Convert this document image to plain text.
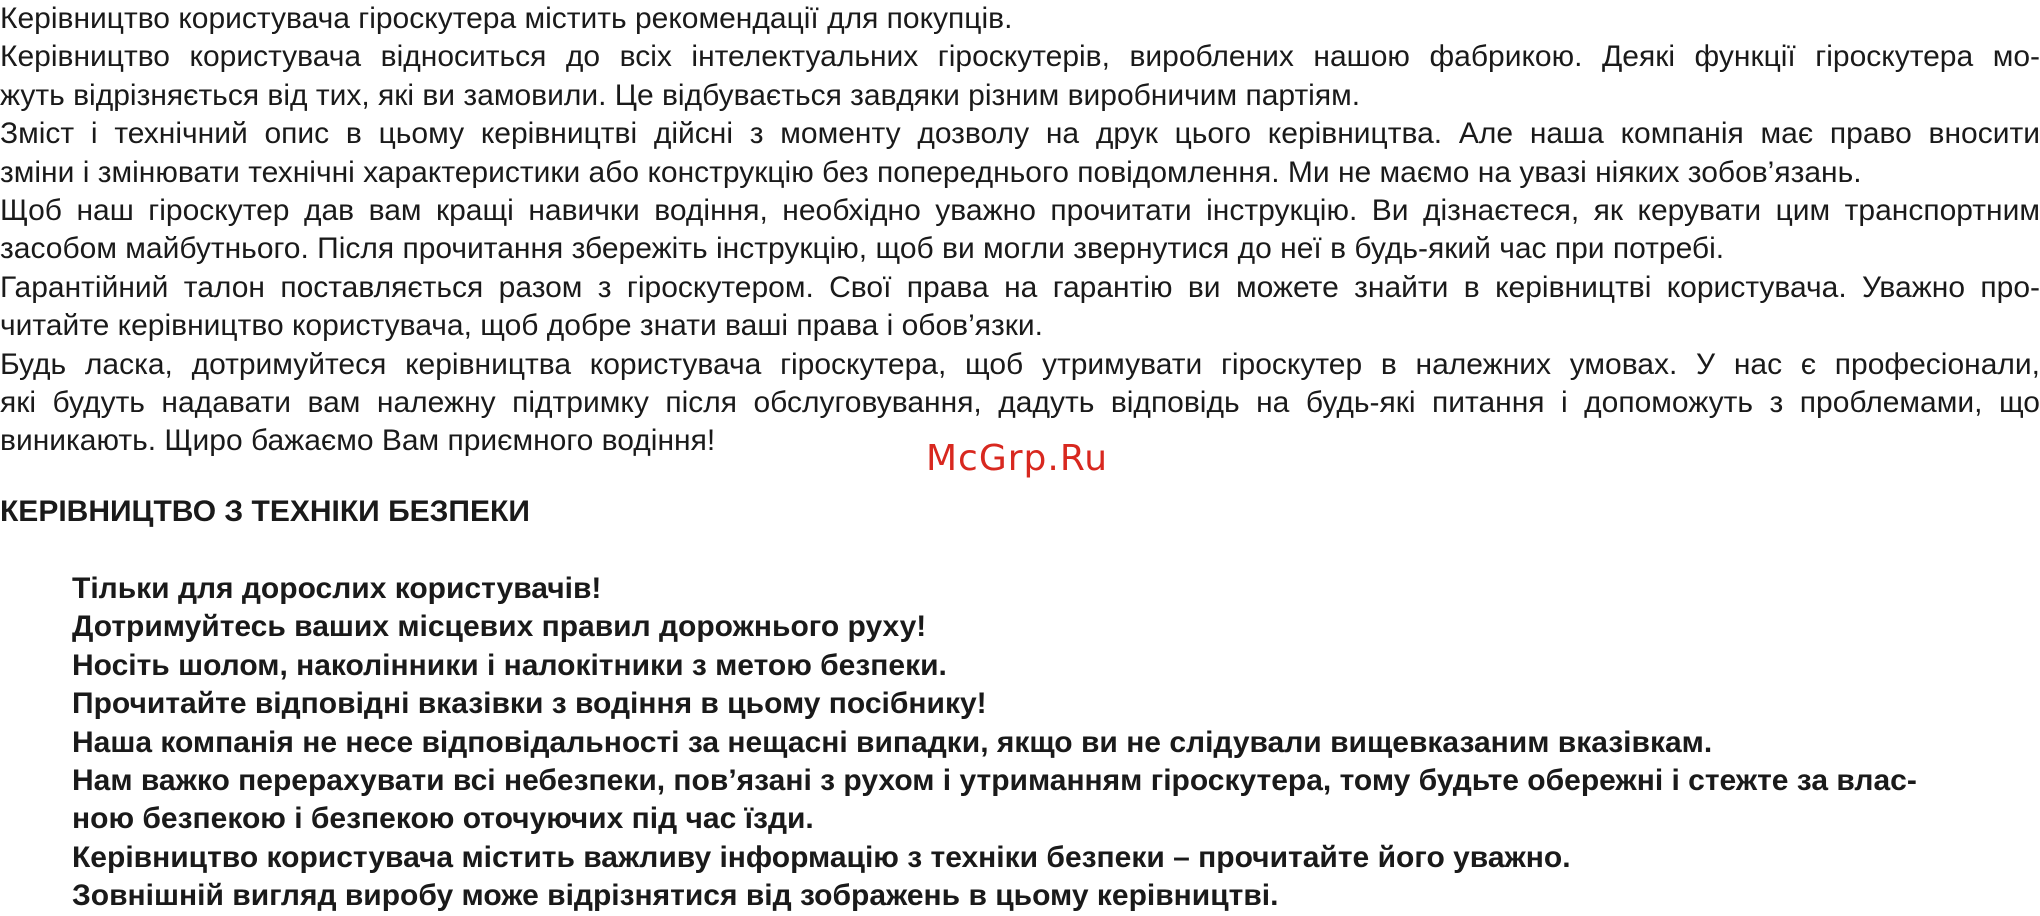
Керівництво користувача гіроскутера містить рекомендації для покупців.

Керівництво користувача відноситься до всіх інтелектуальних гіроскутерів, вироблених нашою фабрикою. Деякі функції гіроскутера мо-
жуть відрізняється від тих, які ви замовили. Це відбувається завдяки різним виробничим партіям.

Зміст і технічний опис в цьому керівництві дійсні з моменту дозволу на друк цього керівництва. Але наша компанія має право вносити
зміни і змінювати технічні характеристики або конструкцію без попереднього повідомлення. Ми не маємо на увазі ніяких зобов’язань.

Щоб наш гіроскутер дав вам кращі навички водіння, необхідно уважно прочитати інструкцію. Ви дізнаєтеся, як керувати цим транспортним
засобом майбутнього. Після прочитання збережіть інструкцію, щоб ви могли звернутися до неї в будь-який час при потребі.

Гарантійний талон поставляється разом з гіроскутером. Свої права на гарантію ви можете знайти в керівництві користувача. Уважно про-
читайте керівництво користувача, щоб добре знати ваші права і обов’язки.

Будь ласка, дотримуйтеся керівництва користувача гіроскутера, щоб утримувати гіроскутер в належних умовах. У нас є професіонали,
які будуть надавати вам належну підтримку після обслуговування, дадуть відповідь на будь-які питання і допоможуть з проблемами, що
виникають. Щиро бажаємо Вам приємного водіння!	McGrp.Ru
КЕРІВНИЦТВО З ТЕХНІКИ БЕЗПЕКИ
Тільки для дорослих користувачів!
Дотримуйтесь ваших місцевих правил дорожнього руху!
Носіть шолом, наколінники і налокітники з метою безпеки.
Прочитайте відповідні вказівки з водіння в цьому посібнику!
Наша компанія не несе відповідальності за нещасні випадки, якщо ви не слідували вищевказаним вказівкам.
Нам важко перерахувати всі небезпеки, пов’язані з рухом і утриманням гіроскутера, тому будьте обережні і стежте за влас-
ною безпекою і безпекою оточуючих під час їзди.
Керівництво користувача містить важливу інформацію з техніки безпеки – прочитайте його уважно.
Зовнішній вигляд виробу може відрізнятися від зображень в цьому керівництві.
